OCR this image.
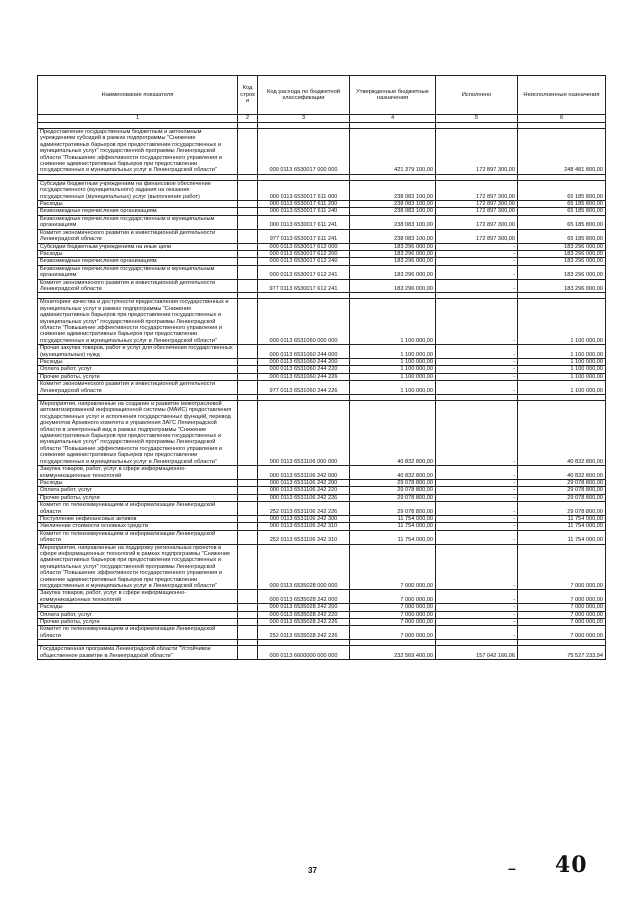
Наименование показателя	Код строк и	Код расхода по бюджетной классификации	Утвержденные бюджетные назначения	Исполнено	Неисполненные назначения
1	2	3	4	5	6

Предоставление государственным бюджетным и автономным учреждениям субсидий в рамках подпрограммы "Снижение административных барьеров при предоставлении государственных и муниципальных услуг" государственной программы Ленинградской области "Повышение эффективности государственного управления и снижение административных барьеров при предоставлении государственных и муниципальных услуг в Ленинградской области"		000 0113 6530017 000 000	421 379 100,00	172 897 300,00	248 481 800,00

Субсидии бюджетным учреждениям на финансовое обеспечение государственного (муниципального) задания на оказание государственных (муниципальных) услуг (выполнение работ)		000 0113 6530017 611 000	238 083 100,00	172 897 300,00	65 185 800,00
Расходы		000 0113 6530017 611 200	238 083 100,00	172 897 300,00	65 185 800,00
Безвозмездные перечисления организациям		000 0113 6530017 611 240	238 083 100,00	172 897 300,00	65 185 800,00
Безвозмездные перечисления государственным и муниципальным организациям		000 0113 6530017 611 241	238 083 100,00	172 897 300,00	65 185 800,00
Комитет экономического развития и инвестиционной деятельности Ленинградской области		977 0113 6530017 611 241	238 083 100,00	172 897 300,00	65 185 800,00
Субсидии бюджетным учреждениям на иные цели		000 0113 6530017 612 000	183 296 000,00	-	183 296 000,00
Расходы		000 0113 6530017 612 200	183 296 000,00	-	183 296 000,00
Безвозмездные перечисления организациям		000 0113 6530017 612 240	183 296 000,00	-	183 296 000,00
Безвозмездные перечисления государственным и муниципальным организациям		000 0113 6530017 612 241	183 296 000,00	-	183 296 000,00
Комитет экономического развития и инвестиционной деятельности Ленинградской области		977 0113 6530017 612 241	183 296 000,00	-	183 296 000,00

Мониторинг качества и доступности предоставления государственных и муниципальных услуг в рамках подпрограммы "Снижение административных барьеров при предоставлении государственных и муниципальных услуг" государственной программы Ленинградской области "Повышение эффективности государственного управления и снижение административных барьеров при предоставлении государственных и муниципальных услуг в Ленинградской области"		000 0113 6531060 000 000	1 100 000,00	-	1 100 000,00
Прочая закупка товаров, работ и услуг для обеспечения государственных (муниципальных) нужд		000 0113 6531060 244 000	1 100 000,00	-	1 100 000,00
Расходы		000 0113 6531060 244 200	1 100 000,00	-	1 100 000,00
Оплата работ, услуг		000 0113 6531060 244 220	1 100 000,00	-	1 100 000,00
Прочие работы, услуги		000 0113 6531060 244 226	1 100 000,00	-	1 100 000,00
Комитет экономического развития и инвестиционной деятельности Ленинградской области		977 0113 6531060 244 226	1 100 000,00	-	1 100 000,00

Мероприятия, направленные на создание и развитие межотраслевой автоматизированной информационной системы (МАИС) предоставления государственных услуг и исполнения государственных функций, перевод документов Архивного комитета и управления ЗАГС Ленинградской области в электронный вид в рамках подпрограммы "Снижение административных барьеров при предоставлении государственных и муниципальных услуг" государственной программы Ленинградской области "Повышение эффективности государственного управления и снижение административных барьеров при предоставлении государственных и муниципальных услуг в Ленинградской области"		000 0113 6531106 000 000	40 832 800,00	-	40 832 800,00
Закупка товаров, работ, услуг в сфере информационно-коммуникационных технологий		000 0113 6531106 242 000	40 832 800,00	-	40 832 800,00
Расходы		000 0113 6531106 242 200	29 078 800,00	-	29 078 800,00
Оплата работ, услуг		000 0113 6531106 242 220	29 078 800,00	-	29 078 800,00
Прочие работы, услуги		000 0113 6531106 242 226	29 078 800,00	-	29 078 800,00
Комитет по телекоммуникациям и информатизации Ленинградской области		252 0113 6531106 242 226	29 078 800,00	-	29 078 800,00
Поступление нефинансовых активов		000 0113 6531106 242 300	11 754 000,00	-	11 754 000,00
Увеличение стоимости основных средств		000 0113 6531106 242 310	11 754 000,00	-	11 754 000,00
Комитет по телекоммуникациям и информатизации Ленинградской области		252 0113 6531106 242 310	11 754 000,00	-	11 754 000,00
Мероприятия, направленные на поддержку региональных проектов в сфере информационных технологий в рамках подпрограммы "Снижение административных барьеров при предоставлении государственных и муниципальных услуг" государственной программы Ленинградской области "Повышение эффективности государственного управления и снижение административных барьеров при предоставлении государственных и муниципальных услуг в Ленинградской области"		000 0113 6535028 000 000	7 000 000,00	-	7 000 000,00
Закупка товаров, работ, услуг в сфере информационно-коммуникационных технологий		000 0113 6535028 242 000	7 000 000,00	-	7 000 000,00
Расходы		000 0113 6535028 242 200	7 000 000,00	-	7 000 000,00
Оплата работ, услуг		000 0113 6535028 242 220	7 000 000,00	-	7 000 000,00
Прочие работы, услуги		000 0113 6535028 242 226	7 000 000,00	-	7 000 000,00
Комитет по телекоммуникациям и информатизации Ленинградской области		252 0113 6535028 242 226	7 000 000,00	-	7 000 000,00

Государственная программа Ленинградской области "Устойчивое общественное развитие в Ленинградской области"		000 0113 6600000 000 000	232 569 400,00	157 042 166,06	75 527 233,94
37	– 40
